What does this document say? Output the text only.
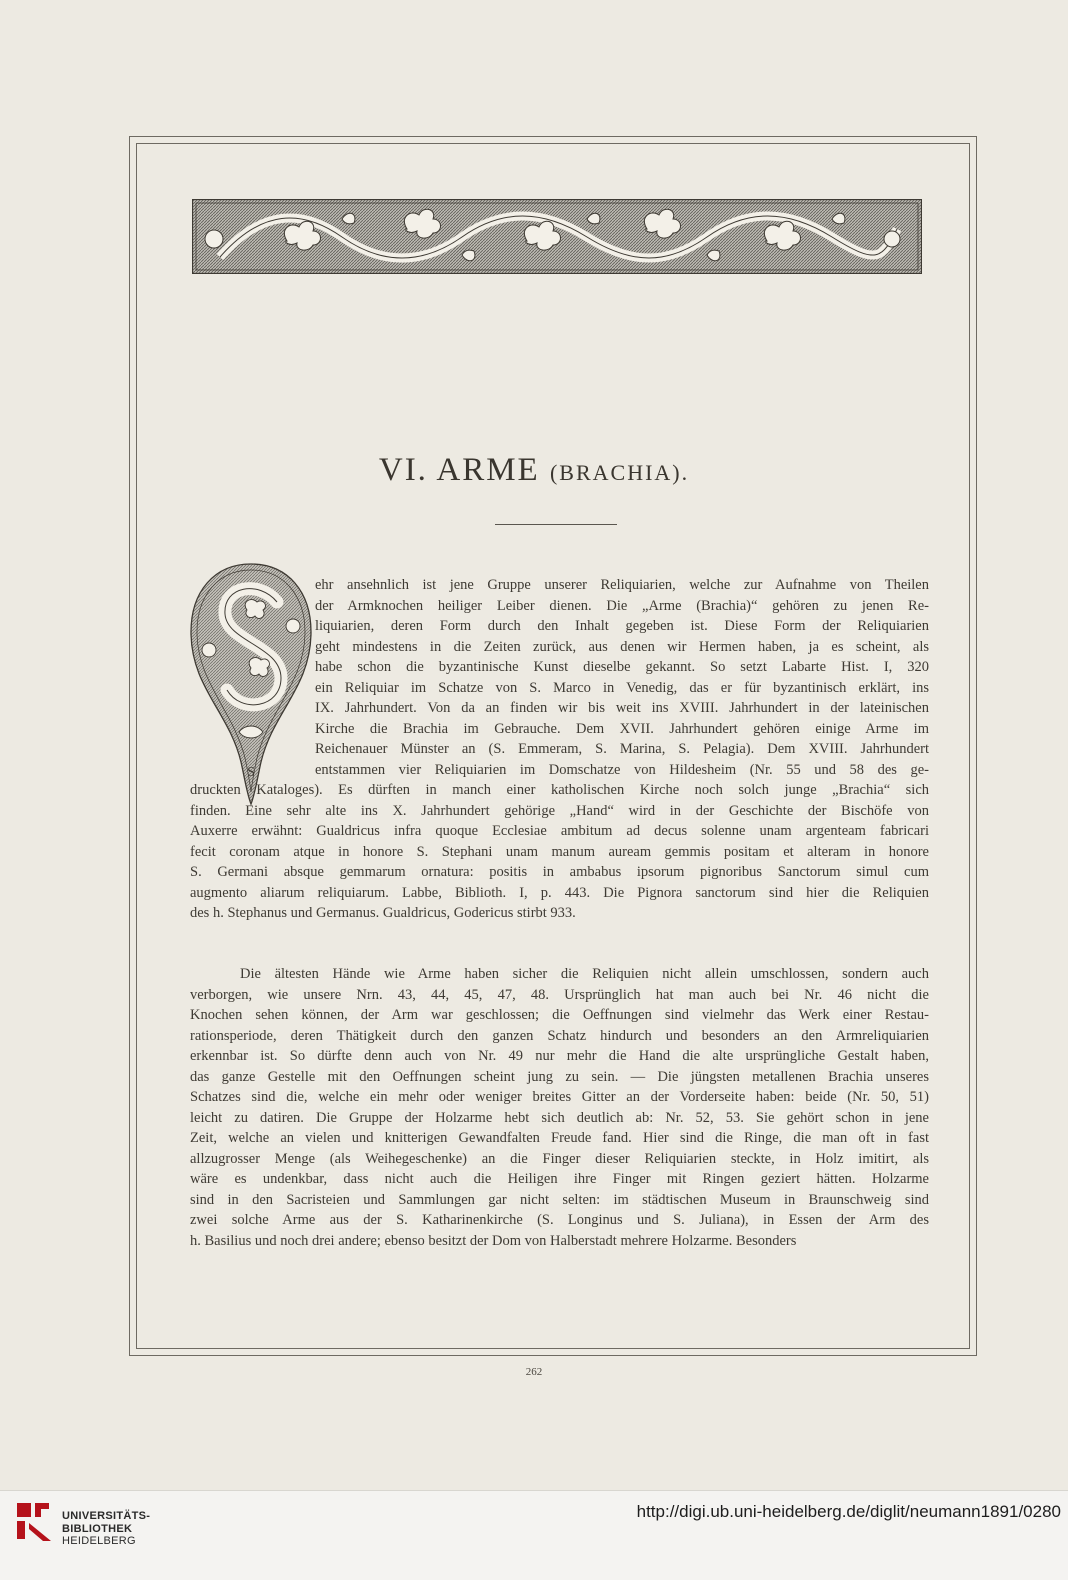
VI. ARME (BRACHIA).
S
ehr ansehnlich ist jene Gruppe unserer Reliquiarien, welche zur Aufnahme von Theilen
der Armknochen heiliger Leiber dienen. Die „Arme (Brachia)“ gehören zu jenen Re-
liquiarien, deren Form durch den Inhalt gegeben ist. Diese Form der Reliquiarien
geht mindestens in die Zeiten zurück, aus denen wir Hermen haben, ja es scheint, als
habe schon die byzantinische Kunst dieselbe gekannt. So setzt Labarte Hist. I, 320
ein Reliquiar im Schatze von S. Marco in Venedig, das er für byzantinisch erklärt, ins
IX. Jahrhundert. Von da an finden wir bis weit ins XVIII. Jahrhundert in der lateinischen
Kirche die Brachia im Gebrauche. Dem XVII. Jahrhundert gehören einige Arme im
Reichenauer Münster an (S. Emmeram, S. Marina, S. Pelagia). Dem XVIII. Jahrhundert
entstammen vier Reliquiarien im Domschatze von Hildesheim (Nr. 55 und 58 des ge-
druckten Kataloges). Es dürften in manch einer katholischen Kirche noch solch junge „Brachia“ sich
finden. Eine sehr alte ins X. Jahrhundert gehörige „Hand“ wird in der Geschichte der Bischöfe von
Auxerre erwähnt: Gualdricus infra quoque Ecclesiae ambitum ad decus solenne unam argenteam fabricari
fecit coronam atque in honore S. Stephani unam manum auream gemmis positam et alteram in honore
S. Germani absque gemmarum ornatura: positis in ambabus ipsorum pignoribus Sanctorum simul cum
augmento aliarum reliquiarum. Labbe, Biblioth. I, p. 443. Die Pignora sanctorum sind hier die Reliquien
des h. Stephanus und Germanus. Gualdricus, Godericus stirbt 933.
Die ältesten Hände wie Arme haben sicher die Reliquien nicht allein umschlossen, sondern auch
verborgen, wie unsere Nrn. 43, 44, 45, 47, 48. Ursprünglich hat man auch bei Nr. 46 nicht die
Knochen sehen können, der Arm war geschlossen; die Oeffnungen sind vielmehr das Werk einer Restau-
rationsperiode, deren Thätigkeit durch den ganzen Schatz hindurch und besonders an den Armreliquiarien
erkennbar ist. So dürfte denn auch von Nr. 49 nur mehr die Hand die alte ursprüngliche Gestalt haben,
das ganze Gestelle mit den Oeffnungen scheint jung zu sein. — Die jüngsten metallenen Brachia unseres
Schatzes sind die, welche ein mehr oder weniger breites Gitter an der Vorderseite haben: beide (Nr. 50, 51)
leicht zu datiren. Die Gruppe der Holzarme hebt sich deutlich ab: Nr. 52, 53. Sie gehört schon in jene
Zeit, welche an vielen und knitterigen Gewandfalten Freude fand. Hier sind die Ringe, die man oft in fast
allzugrosser Menge (als Weihegeschenke) an die Finger dieser Reliquiarien steckte, in Holz imitirt, als
wäre es undenkbar, dass nicht auch die Heiligen ihre Finger mit Ringen geziert hätten. Holzarme
sind in den Sacristeien und Sammlungen gar nicht selten: im städtischen Museum in Braunschweig sind
zwei solche Arme aus der S. Katharinenkirche (S. Longinus und S. Juliana), in Essen der Arm des
h. Basilius und noch drei andere; ebenso besitzt der Dom von Halberstadt mehrere Holzarme. Besonders
262
UNIVERSITÄTS-
BIBLIOTHEK
HEIDELBERG
http://digi.ub.uni-heidelberg.de/diglit/neumann1891/0280
